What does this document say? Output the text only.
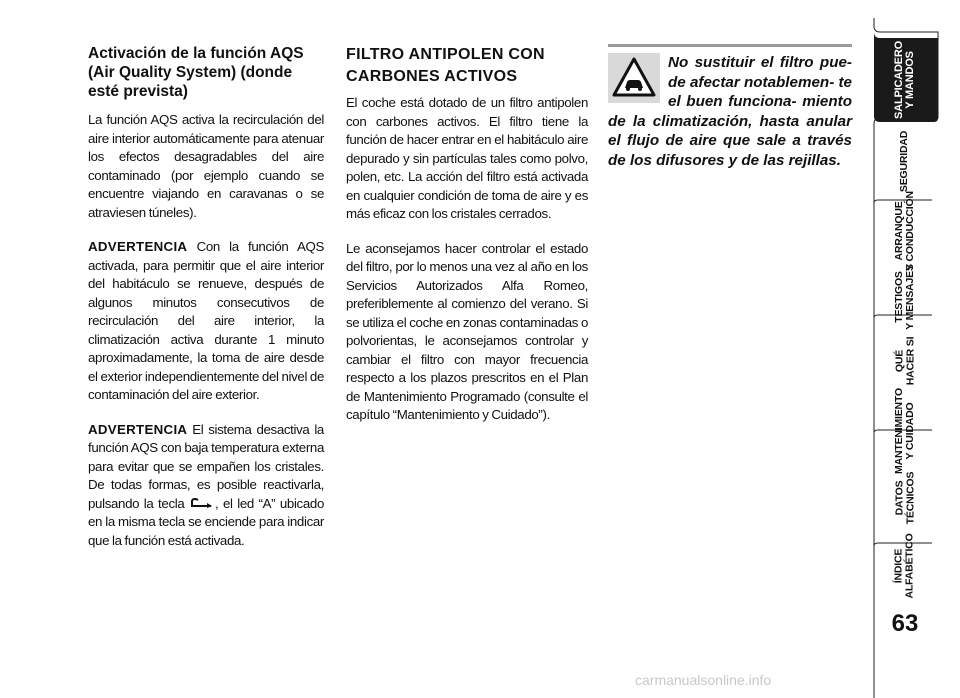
Activación de la función AQS (Air Quality System) (donde esté prevista)
La función AQS activa la recirculación del aire interior automáticamente para atenuar los efectos desagradables del aire contaminado (por ejemplo cuando se encuentre viajando en caravanas o se atraviesen túneles).
ADVERTENCIA Con la función AQS activada, para permitir que el aire interior del habitáculo se renueve, después de algunos minutos consecutivos de recirculación del aire interior, la climatización activa durante 1 minuto aproximadamente, la toma de aire desde el exterior independientemente del nivel de contaminación del aire exterior.
ADVERTENCIA El sistema desactiva la función AQS con baja temperatura externa para evitar que se empañen los cristales. De todas formas, es posible reactivarla, pulsando la tecla , el led “A” ubicado en la misma tecla se enciende para indicar que la función está activada.
FILTRO ANTIPOLEN CON CARBONES ACTIVOS
El coche está dotado de un filtro antipolen con carbones activos. El filtro tiene la función de hacer entrar en el habitáculo aire depurado y sin partículas tales como polvo, polen, etc. La acción del filtro está activada en cualquier condición de toma de aire y es más eficaz con los cristales cerrados.
Le aconsejamos hacer controlar el estado del filtro, por lo menos una vez al año en los Servicios Autorizados Alfa Romeo, preferiblemente al comienzo del verano. Si se utiliza el coche en zonas contaminadas o polvorientas, le aconsejamos controlar y cambiar el filtro con mayor frecuencia respecto a los plazos prescritos en el Plan de Mantenimiento Programado (consulte el capítulo “Mantenimiento y Cuidado”).

No sustituir el filtro pue- de afectar notablemen- te el buen funciona- miento de la climatización, hasta anular el flujo de aire que sale a través de los difusores y de las rejillas.

SALPICADERO
Y MANDOS
SEGURIDAD
ARRANQUE
Y CONDUCCIÓN
TESTIGOS
Y MENSAJES
QUÉ
HACER SI
MANTENIMIENTO
Y CUIDADO
DATOS
TÉCNICOS
ÍNDICE
ALFABÉTICO
63
carmanualsonline.info
